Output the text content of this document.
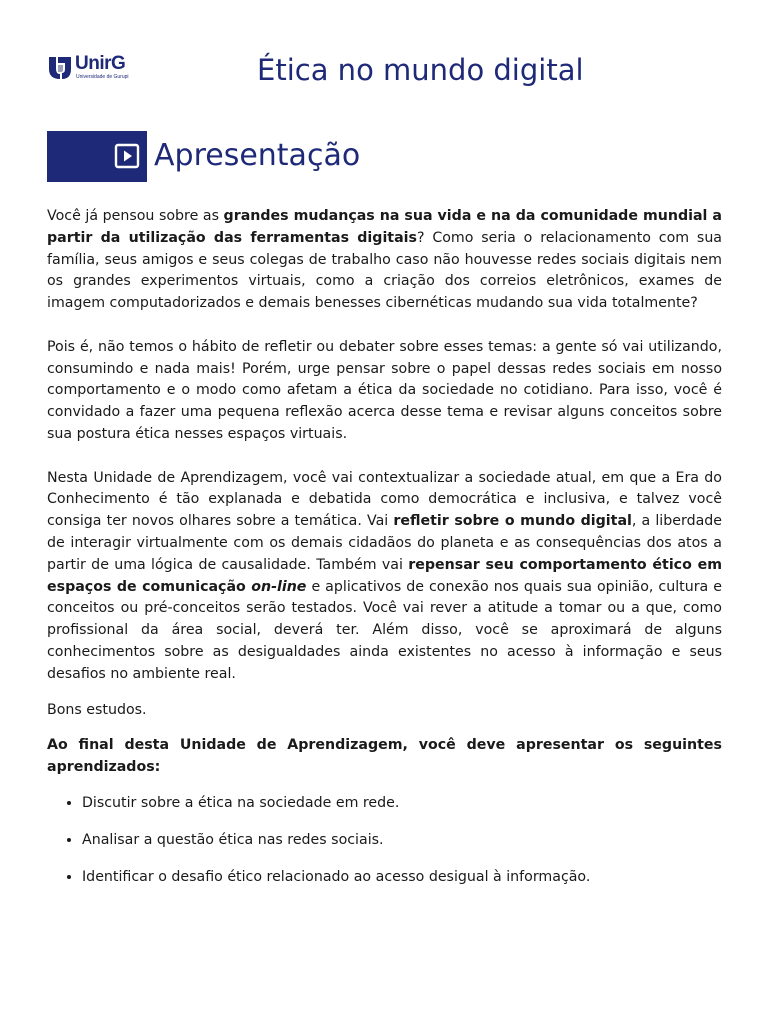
UnirG
Universidade de Gurupi	Ética no mundo digital
Apresentação

Você já pensou sobre as grandes mudanças na sua vida e na da comunidade mundial a partir da utilização das ferramentas digitais? Como seria o relacionamento com sua família, seus amigos e seus colegas de trabalho caso não houvesse redes sociais digitais nem os grandes experimentos virtuais, como a criação dos correios eletrônicos, exames de imagem computadorizados e demais benesses cibernéticas mudando sua vida totalmente?

Pois é, não temos o hábito de refletir ou debater sobre esses temas: a gente só vai utilizando, consumindo e nada mais! Porém, urge pensar sobre o papel dessas redes sociais em nosso comportamento e o modo como afetam a ética da sociedade no cotidiano. Para isso, você é convidado a fazer uma pequena reflexão acerca desse tema e revisar alguns conceitos sobre sua postura ética nesses espaços virtuais.

Nesta Unidade de Aprendizagem, você vai contextualizar a sociedade atual, em que a Era do Conhecimento é tão explanada e debatida como democrática e inclusiva, e talvez você consiga ter novos olhares sobre a temática. Vai refletir sobre o mundo digital, a liberdade de interagir virtualmente com os demais cidadãos do planeta e as consequências dos atos a partir de uma lógica de causalidade. Também vai repensar seu comportamento ético em espaços de comunicação on-line e aplicativos de conexão nos quais sua opinião, cultura e conceitos ou pré-conceitos serão testados. Você vai rever a atitude a tomar ou a que, como profissional da área social, deverá ter. Além disso, você se aproximará de alguns conhecimentos sobre as desigualdades ainda existentes no acesso à informação e seus desafios no ambiente real.

Bons estudos.

Ao final desta Unidade de Aprendizagem, você deve apresentar os seguintes aprendizados:

• Discutir sobre a ética na sociedade em rede.
• Analisar a questão ética nas redes sociais.
• Identificar o desafio ético relacionado ao acesso desigual à informação.
